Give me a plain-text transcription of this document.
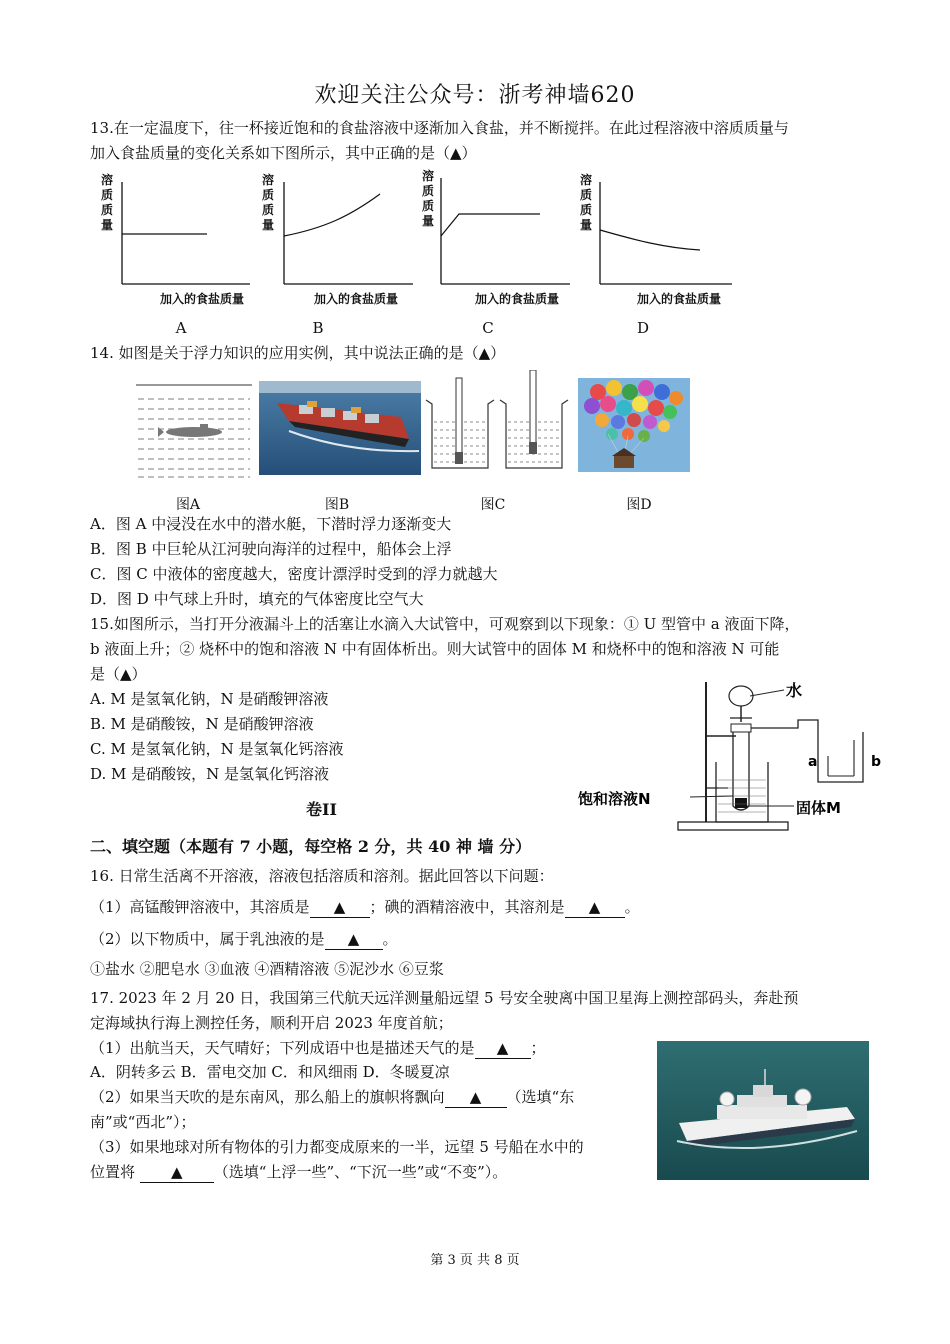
欢迎关注公众号：浙考神墙620
13.在一定温度下，往一杯接近饱和的食盐溶液中逐渐加入食盐，并不断搅拌。在此过程溶液中溶质质量与
加入食盐质量的变化关系如下图所示，其中正确的是（▲）
溶
质
质
量
加入的食盐质量
溶
质
质
量
加入的食盐质量
溶
质
质
量
加入的食盐质量
溶
质
质
量
加入的食盐质量
A	B	C	D
14. 如图是关于浮力知识的应用实例，其中说法正确的是（▲）
图A	图B	图C	图D
A．图 A 中浸没在水中的潜水艇，下潜时浮力逐渐变大
B．图 B 中巨轮从江河驶向海洋的过程中，船体会上浮
C．图 C 中液体的密度越大，密度计漂浮时受到的浮力就越大
D．图 D 中气球上升时，填充的气体密度比空气大
15.如图所示，当打开分液漏斗上的活塞让水滴入大试管中，可观察到以下现象：① U 型管中 a 液面下降，
b 液面上升；② 烧杯中的饱和溶液 N 中有固体析出。则大试管中的固体 M 和烧杯中的饱和溶液 N 可能
是（▲）
A. M 是氢氧化钠，N 是硝酸钾溶液
B. M 是硝酸铵，N 是硝酸钾溶液
C. M 是氢氧化钠，N 是氢氧化钙溶液
D. M 是硝酸铵，N 是氢氧化钙溶液
水
a	b
饱和溶液N	固体M
卷II
二、填空题（本题有 7 小题，每空格 2 分，共 40 神 墙 分）
16. 日常生活离不开溶液，溶液包括溶质和溶剂。据此回答以下问题：
（1）高锰酸钾溶液中，其溶质是 ▲ ；碘的酒精溶液中，其溶剂是 ▲ 。
（2）以下物质中，属于乳浊液的是 ▲ 。
①盐水 ②肥皂水 ③血液 ④酒精溶液 ⑤泥沙水 ⑥豆浆
17. 2023 年 2 月 20 日，我国第三代航天远洋测量船远望 5 号安全驶离中国卫星海上测控部码头，奔赴预
定海域执行海上测控任务，顺利开启 2023 年度首航；
（1）出航当天，天气晴好；下列成语中也是描述天气的是 ▲ ；
A．阴转多云 B．雷电交加 C．和风细雨 D．冬暖夏凉
（2）如果当天吹的是东南风，那么船上的旗帜将飘向 ▲ （选填“东
南”或“西北”）；
（3）如果地球对所有物体的引力都变成原来的一半，远望 5 号船在水中的
位置将 ▲ （选填“上浮一些”、“下沉一些”或“不变”）。
第 3 页 共 8 页
